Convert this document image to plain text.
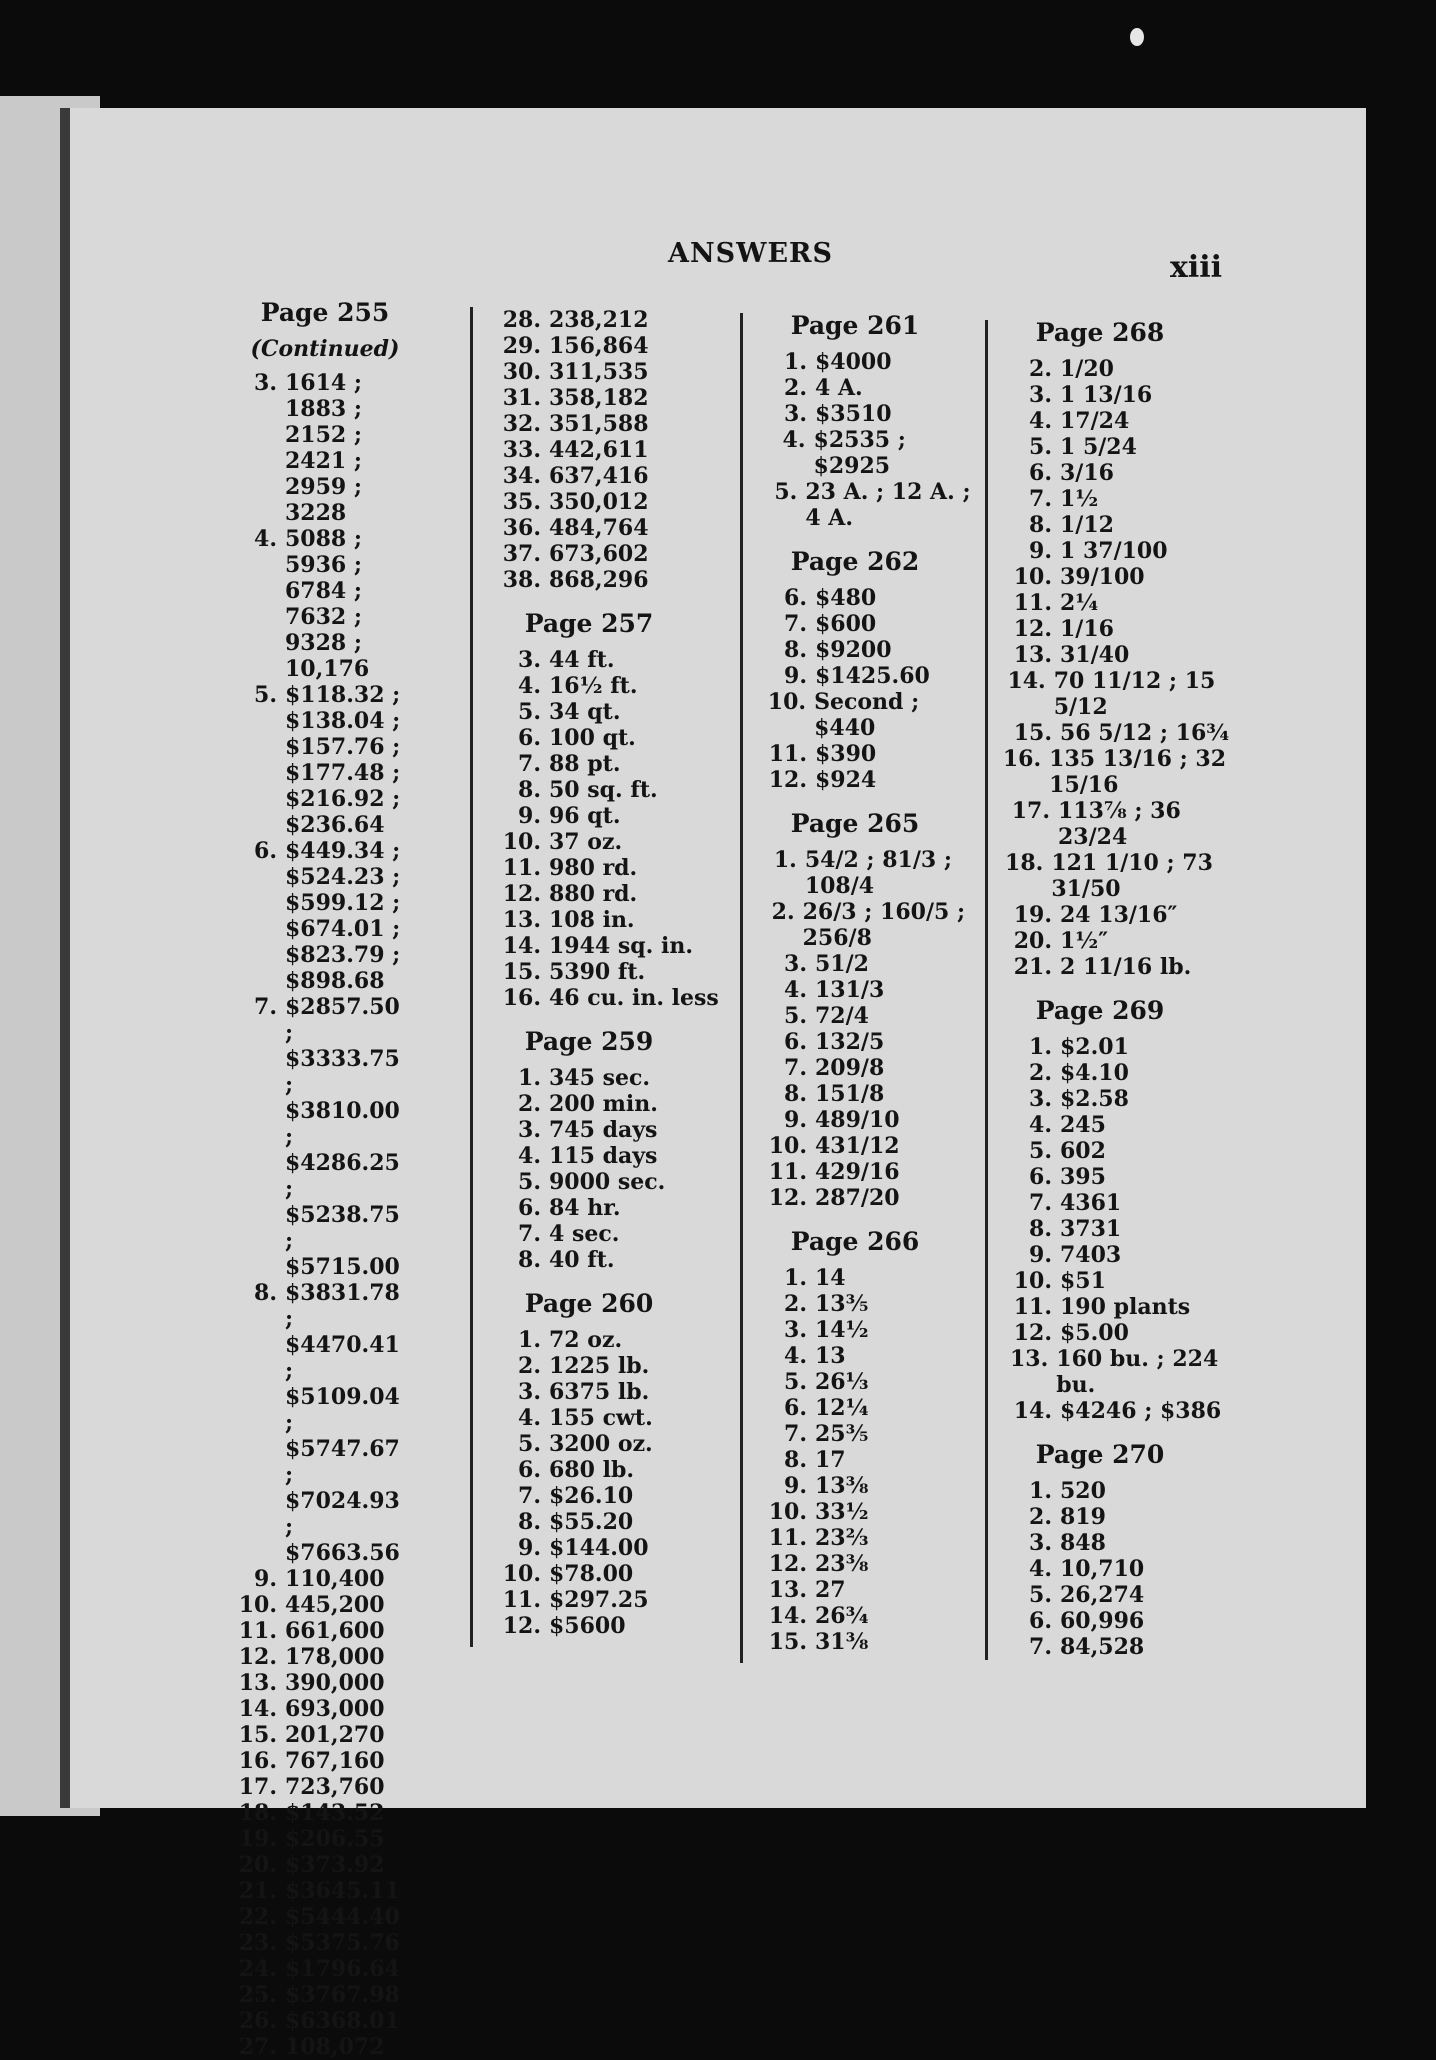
ANSWERS	xiii
Page 255
(Continued)
3. 1614 ; 1883 ; 2152 ; 2421 ; 2959 ; 3228
4. 5088 ; 5936 ; 6784 ; 7632 ; 9328 ; 10,176
5. $118.32 ; $138.04 ; $157.76 ; $177.48 ; $216.92 ; $236.64
6. $449.34 ; $524.23 ; $599.12 ; $674.01 ; $823.79 ; $898.68
7. $2857.50 ; $3333.75 ; $3810.00 ; $4286.25 ; $5238.75 ; $5715.00
8. $3831.78 ; $4470.41 ; $5109.04 ; $5747.67 ; $7024.93 ; $7663.56
9. 110,400
10. 445,200
11. 661,600
12. 178,000
13. 390,000
14. 693,000
15. 201,270
16. 767,160
17. 723,760
18. $143.52
19. $206.55
20. $373.92
21. $3645.11
22. $5444.40
23. $5375.76
24. $1796.64
25. $3767.98
26. $6368.01
27. 108,072
28. 238,212
29. 156,864
30. 311,535
31. 358,182
32. 351,588
33. 442,611
34. 637,416
35. 350,012
36. 484,764
37. 673,602
38. 868,296
Page 257
3. 44 ft.
4. 16½ ft.
5. 34 qt.
6. 100 qt.
7. 88 pt.
8. 50 sq. ft.
9. 96 qt.
10. 37 oz.
11. 980 rd.
12. 880 rd.
13. 108 in.
14. 1944 sq. in.
15. 5390 ft.
16. 46 cu. in. less
Page 259
1. 345 sec.
2. 200 min.
3. 745 days
4. 115 days
5. 9000 sec.
6. 84 hr.
7. 4 sec.
8. 40 ft.
Page 260
1. 72 oz.
2. 1225 lb.
3. 6375 lb.
4. 155 cwt.
5. 3200 oz.
6. 680 lb.
7. $26.10
8. $55.20
9. $144.00
10. $78.00
11. $297.25
12. $5600
Page 261
1. $4000
2. 4 A.
3. $3510
4. $2535 ; $2925
5. 23 A. ; 12 A. ; 4 A.
Page 262
6. $480
7. $600
8. $9200
9. $1425.60
10. Second ; $440
11. $390
12. $924
Page 265
1. 54/2 ; 81/3 ; 108/4
2. 26/3 ; 160/5 ; 256/8
3. 51/2
4. 131/3
5. 72/4
6. 132/5
7. 209/8
8. 151/8
9. 489/10
10. 431/12
11. 429/16
12. 287/20
Page 266
1. 14
2. 13⅗
3. 14½
4. 13
5. 26⅓
6. 12¼
7. 25⅗
8. 17
9. 13⅜
10. 33½
11. 23⅔
12. 23⅜
13. 27
14. 26¾
15. 31⅜
Page 268
2. 1/20
3. 1 13/16
4. 17/24
5. 1 5/24
6. 3/16
7. 1½
8. 1/12
9. 1 37/100
10. 39/100
11. 2¼
12. 1/16
13. 31/40
14. 70 11/12 ; 15 5/12
15. 56 5/12 ; 16¾
16. 135 13/16 ; 32 15/16
17. 113⅞ ; 36 23/24
18. 121 1/10 ; 73 31/50
19. 24 13/16″
20. 1½″
21. 2 11/16 lb.
Page 269
1. $2.01
2. $4.10
3. $2.58
4. 245
5. 602
6. 395
7. 4361
8. 3731
9. 7403
10. $51
11. 190 plants
12. $5.00
13. 160 bu. ; 224 bu.
14. $4246 ; $386
Page 270
1. 520
2. 819
3. 848
4. 10,710
5. 26,274
6. 60,996
7. 84,528
